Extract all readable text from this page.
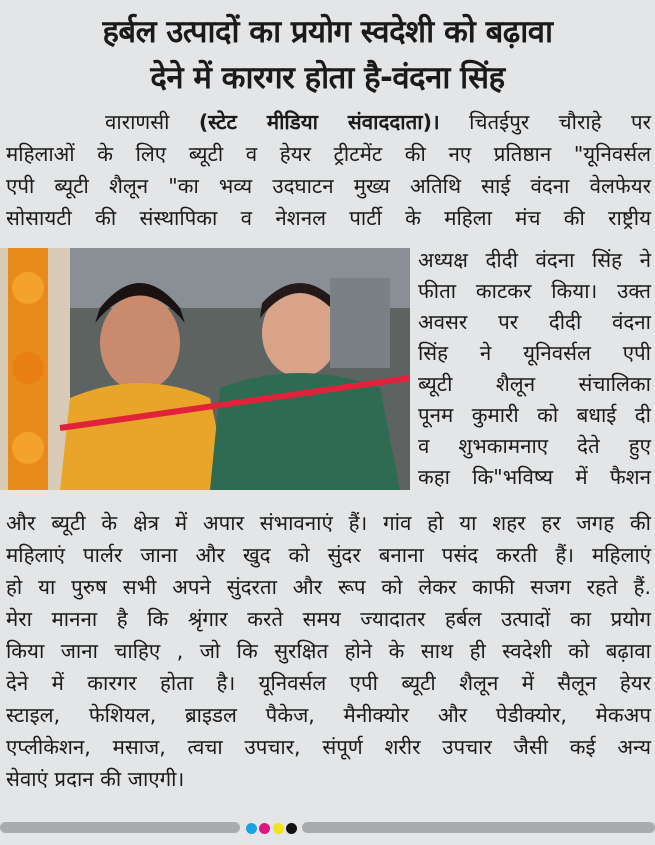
हर्बल उत्पादों का प्रयोग स्वदेशी को बढ़ावा
देने में कारगर होता है-वंदना सिंह
वाराणसी (स्टेट मीडिया संवाददाता)। चितईपुर चौराहे पर
महिलाओं के लिए ब्यूटी व हेयर ट्रीटमेंट की नए प्रतिष्ठान "यूनिवर्सल
एपी ब्यूटी शैलून "का भव्य उदघाटन मुख्य अतिथि साई वंदना वेलफेयर
सोसायटी की संस्थापिका व नेशनल पार्टी के महिला मंच की राष्ट्रीय
अध्यक्ष दीदी वंदना सिंह ने
फीता काटकर किया। उक्त
अवसर पर दीदी वंदना
सिंह ने यूनिवर्सल एपी
ब्यूटी शैलून संचालिका
पूनम कुमारी को बधाई दी
व शुभकामनाए देते हुए
कहा कि"भविष्य में फैशन
और ब्यूटी के क्षेत्र में अपार संभावनाएं हैं। गांव हो या शहर हर जगह की
महिलाएं पार्लर जाना और खुद को सुंदर बनाना पसंद करती हैं। महिलाएं
हो या पुरुष सभी अपने सुंदरता और रूप को लेकर काफी सजग रहते हैं.
मेरा मानना है कि श्रृंगार करते समय ज्यादातर हर्बल उत्पादों का प्रयोग
किया जाना चाहिए , जो कि सुरक्षित होने के साथ ही स्वदेशी को बढ़ावा
देने में कारगर होता है। यूनिवर्सल एपी ब्यूटी शैलून में सैलून हेयर
स्टाइल, फेशियल, ब्राइडल पैकेज, मैनीक्योर और पेडीक्योर, मेकअप
एप्लीकेशन, मसाज, त्वचा उपचार, संपूर्ण शरीर उपचार जैसी कई अन्य
सेवाएं प्रदान की जाएगी।
